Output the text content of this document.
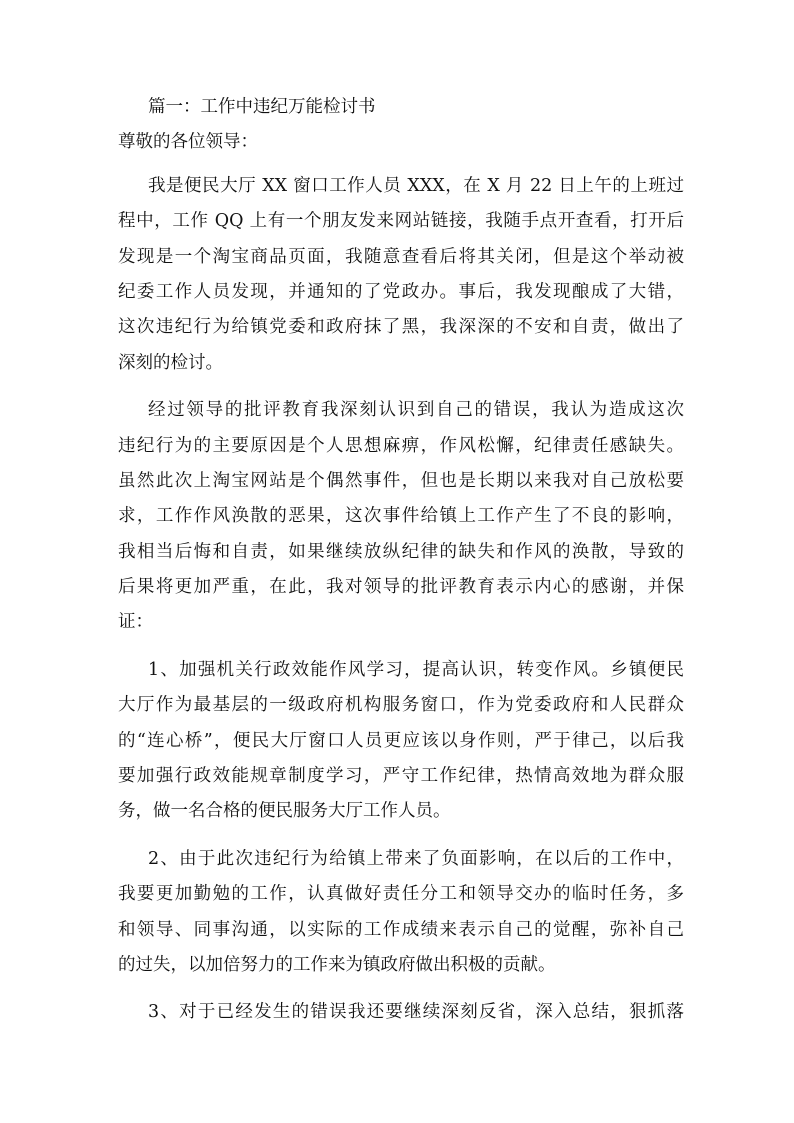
篇一：工作中违纪万能检讨书
尊敬的各位领导：
我是便民大厅 XX 窗口工作人员 XXX，在 X 月 22 日上午的上班过
程中，工作 QQ 上有一个朋友发来网站链接，我随手点开查看，打开后
发现是一个淘宝商品页面，我随意查看后将其关闭，但是这个举动被
纪委工作人员发现，并通知的了党政办。事后，我发现酿成了大错，
这次违纪行为给镇党委和政府抹了黑，我深深的不安和自责，做出了
深刻的检讨。
经过领导的批评教育我深刻认识到自己的错误，我认为造成这次
违纪行为的主要原因是个人思想麻痹，作风松懈，纪律责任感缺失。
虽然此次上淘宝网站是个偶然事件，但也是长期以来我对自己放松要
求，工作作风涣散的恶果，这次事件给镇上工作产生了不良的影响，
我相当后悔和自责，如果继续放纵纪律的缺失和作风的涣散，导致的
后果将更加严重，在此，我对领导的批评教育表示内心的感谢，并保
证：
1、加强机关行政效能作风学习，提高认识，转变作风。乡镇便民
大厅作为最基层的一级政府机构服务窗口，作为党委政府和人民群众
的“连心桥”，便民大厅窗口人员更应该以身作则，严于律己，以后我
要加强行政效能规章制度学习，严守工作纪律，热情高效地为群众服
务，做一名合格的便民服务大厅工作人员。
2、由于此次违纪行为给镇上带来了负面影响，在以后的工作中，
我要更加勤勉的工作，认真做好责任分工和领导交办的临时任务，多
和领导、同事沟通，以实际的工作成绩来表示自己的觉醒，弥补自己
的过失，以加倍努力的工作来为镇政府做出积极的贡献。
3、对于已经发生的错误我还要继续深刻反省，深入总结，狠抓落
